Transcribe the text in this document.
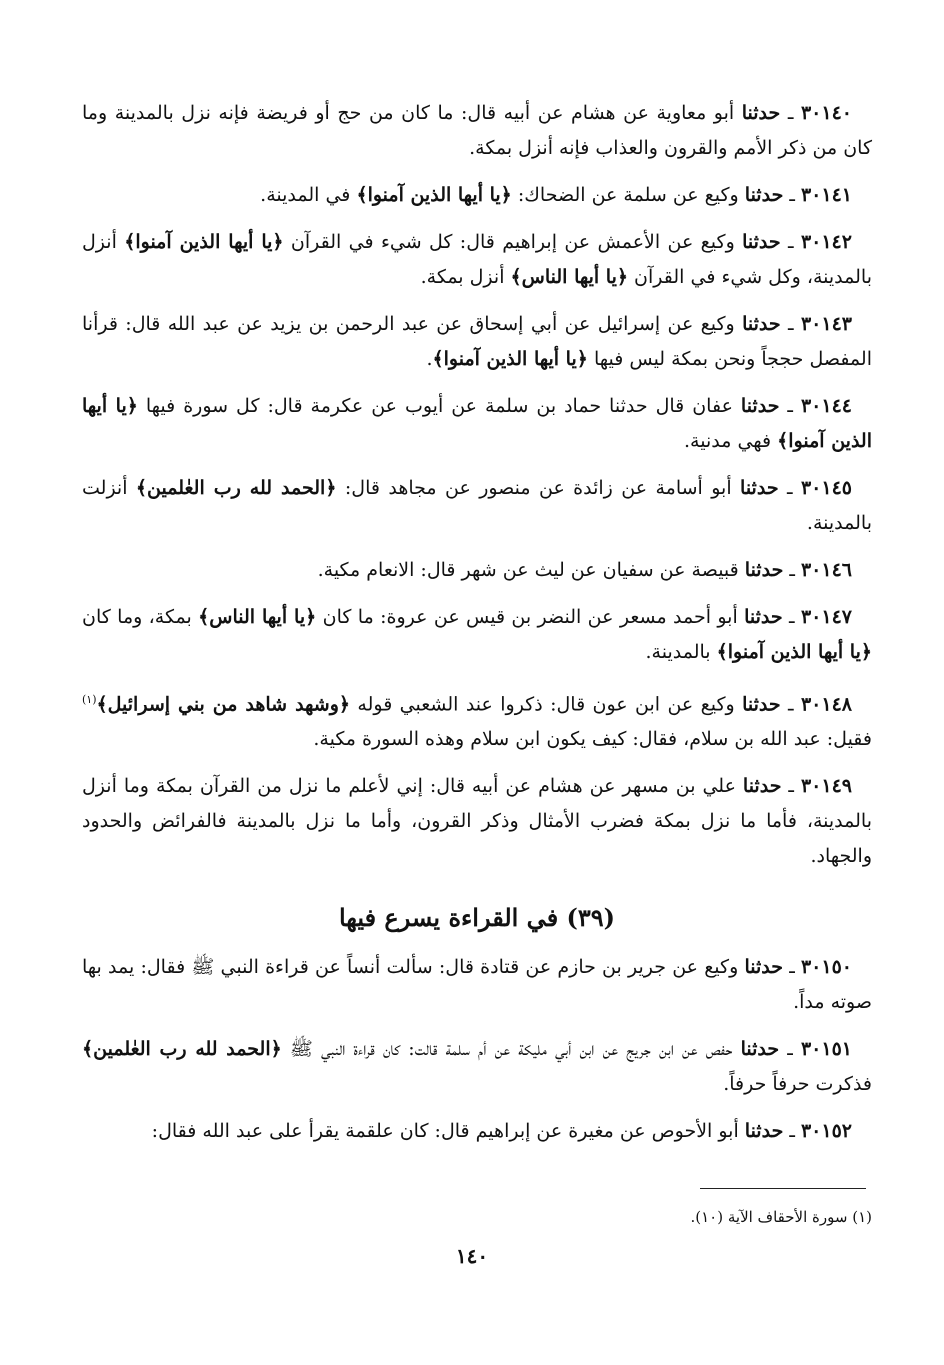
٣٠١٤٠ ـ حدثنا أبو معاوية عن هشام عن أبيه قال: ما كان من حج أو فريضة فإنه نزل بالمدينة وما كان من ذكر الأمم والقرون والعذاب فإنه أنزل بمكة.

٣٠١٤١ ـ حدثنا وكيع عن سلمة عن الضحاك: ﴿يا أيها الذين آمنوا﴾ في المدينة.

٣٠١٤٢ ـ حدثنا وكيع عن الأعمش عن إبراهيم قال: كل شيء في القرآن ﴿يا أيها الذين آمنوا﴾ أنزل بالمدينة، وكل شيء في القرآن ﴿يا أيها الناس﴾ أنزل بمكة.

٣٠١٤٣ ـ حدثنا وكيع عن إسرائيل عن أبي إسحاق عن عبد الرحمن بن يزيد عن عبد الله قال: قرأنا المفصل حججاً ونحن بمكة ليس فيها ﴿يا أيها الذين آمنوا﴾.

٣٠١٤٤ ـ حدثنا عفان قال حدثنا حماد بن سلمة عن أيوب عن عكرمة قال: كل سورة فيها ﴿يا أيها الذين آمنوا﴾ فهي مدنية.

٣٠١٤٥ ـ حدثنا أبو أسامة عن زائدة عن منصور عن مجاهد قال: ﴿الحمد لله رب العٰلمين﴾ أنزلت بالمدينة.

٣٠١٤٦ ـ حدثنا قبيصة عن سفيان عن ليث عن شهر قال: الانعام مكية.

٣٠١٤٧ ـ حدثنا أبو أحمد مسعر عن النضر بن قيس عن عروة: ما كان ﴿يا أيها الناس﴾ بمكة، وما كان ﴿يا أيها الذين آمنوا﴾ بالمدينة.

٣٠١٤٨ ـ حدثنا وكيع عن ابن عون قال: ذكروا عند الشعبي قوله ﴿وشهد شاهد من بني إسرائيل﴾$^{(١)}$ فقيل: عبد الله بن سلام، فقال: كيف يكون ابن سلام وهذه السورة مكية.

٣٠١٤٩ ـ حدثنا علي بن مسهر عن هشام عن أبيه قال: إني لأعلم ما نزل من القرآن بمكة وما أنزل بالمدينة، فأما ما نزل بمكة فضرب الأمثال وذكر القرون، وأما ما نزل بالمدينة فالفرائض والحدود والجهاد.

(٣٩) في القراءة يسرع فيها

٣٠١٥٠ ـ حدثنا وكيع عن جرير بن حازم عن قتادة قال: سألت أنساً عن قراءة النبي ﷺ فقال: يمد بها صوته مداً.

٣٠١٥١ ـ حدثنا حفص عن ابن جريج عن ابن أبي مليكة عن أم سلمة قالت: كان قراءة النبي ﷺ ﴿الحمد لله رب العٰلمين﴾ فذكرت حرفاً حرفاً.

٣٠١٥٢ ـ حدثنا أبو الأحوص عن مغيرة عن إبراهيم قال: كان علقمة يقرأ على عبد الله فقال:

(١) سورة الأحقاف الآية (١٠).
١٤٠
